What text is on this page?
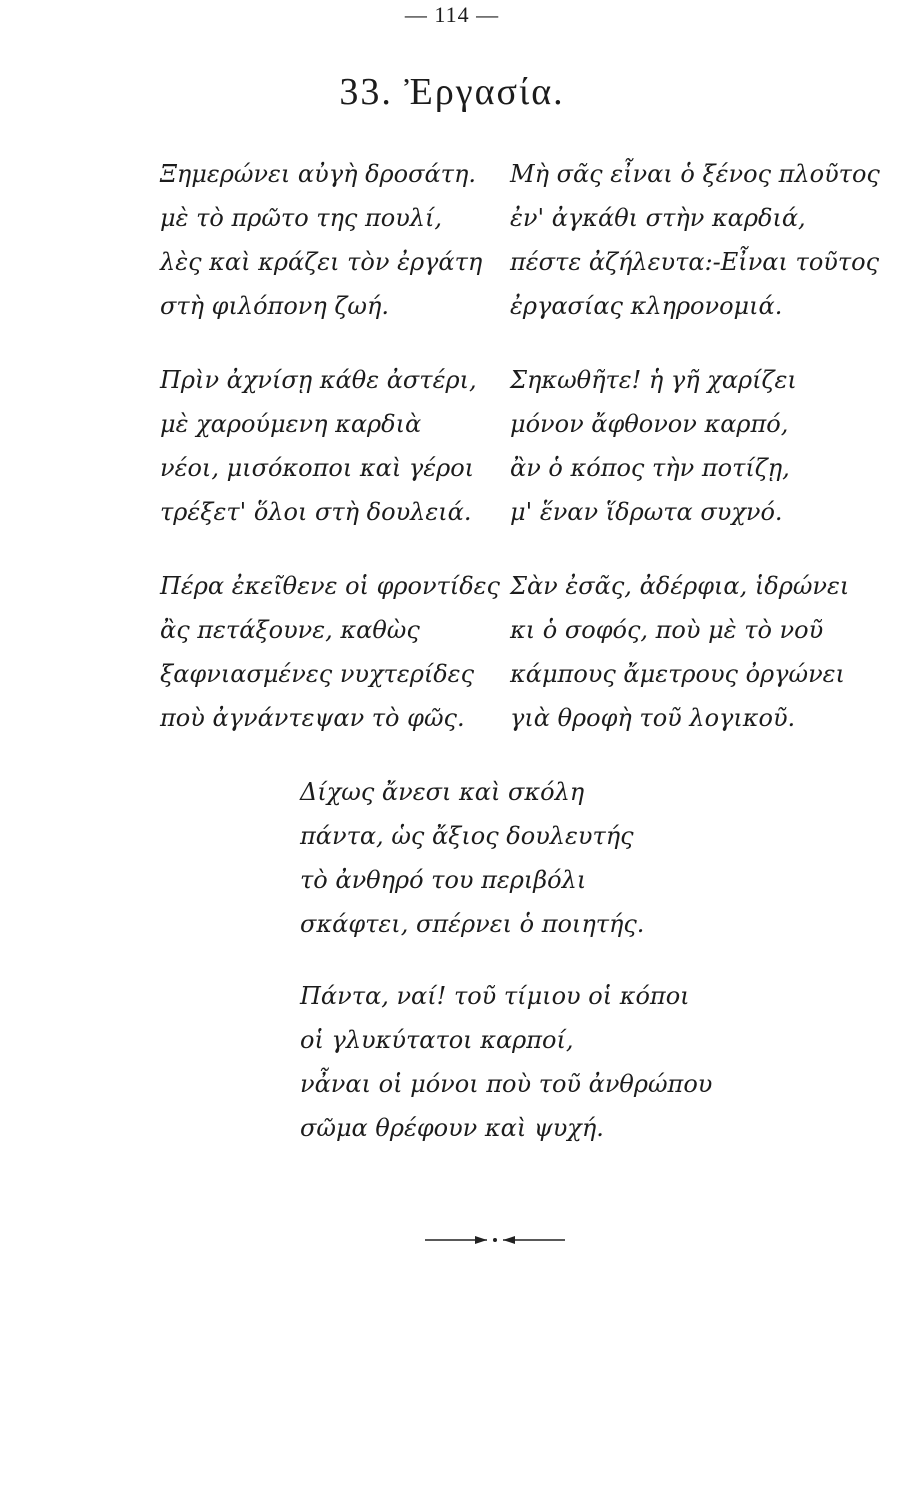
— 114 —
33. Ἐργασία.
Ξημερώνει αὐγὴ δροσάτη.
μὲ τὸ πρῶτο της πουλί,
λὲς καὶ κράζει τὸν ἐργάτη
στὴ φιλόπονη ζωή.
Πρὶν ἀχνίσῃ κάθε ἀστέρι,
μὲ χαρούμενη καρδιὰ
νέοι, μισόκοποι καὶ γέροι
τρέξετ' ὅλοι στὴ δουλειά.
Πέρα ἐκεῖθενε οἱ φροντίδες
ἂς πετάξουνε, καθὼς
ξαφνιασμένες νυχτερίδες
ποὺ ἀγνάντεψαν τὸ φῶς.
Μὴ σᾶς εἶναι ὁ ξένος πλοῦτος
ἐν' ἀγκάθι στὴν καρδιά,
πέστε ἀζήλευτα:-Εἶναι τοῦτος
ἐργασίας κληρονομιά.
Σηκωθῆτε! ἡ γῆ χαρίζει
μόνον ἄφθονον καρπό,
ἂν ὁ κόπος τὴν ποτίζῃ,
μ' ἕναν ἵδρωτα συχνό.
Σὰν ἐσᾶς, ἀδέρφια, ἱδρώνει
κι ὁ σοφός, ποὺ μὲ τὸ νοῦ
κάμπους ἄμετρους ὀργώνει
γιὰ θροφὴ τοῦ λογικοῦ.
Δίχως ἄνεσι καὶ σκόλη
πάντα, ὡς ἄξιος δουλευτής
τὸ ἀνθηρό του περιβόλι
σκάφτει, σπέρνει ὁ ποιητής.
Πάντα, ναί! τοῦ τίμιου οἱ κόποι
οἱ γλυκύτατοι καρποί,
νἆναι οἱ μόνοι ποὺ τοῦ ἀνθρώπου
σῶμα θρέφουν καὶ ψυχή.
